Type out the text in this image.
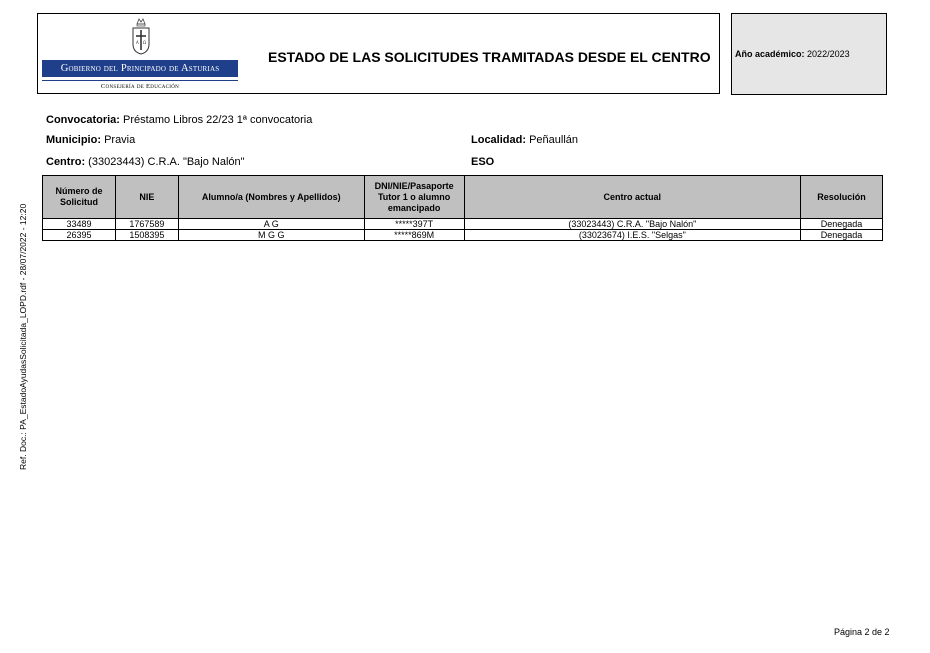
A Ω
Gobierno del Principado de Asturias
Consejería de Educación
ESTADO DE LAS SOLICITUDES TRAMITADAS DESDE EL CENTRO	Año académico: 2022/2023
Convocatoria: Préstamo Libros 22/23 1ª convocatoria
Municipio: Pravia	Localidad: Peñaullán
Centro: (33023443) C.R.A. "Bajo Nalón"	ESO
Número de Solicitud	NIE	Alumno/a (Nombres y Apellidos)	DNI/NIE/Pasaporte Tutor 1 o alumno emancipado	Centro actual	Resolución
33489	1767589	A G	*****397T	(33023443) C.R.A. "Bajo Nalón"	Denegada
26395	1508395	M G G	*****869M	(33023674) I.E.S. "Selgas"	Denegada
Ref. Doc.: PA_EstadoAyudasSolicitada_LOPD.rdf - 28/07/2022 - 12:20
Página 2 de 2
